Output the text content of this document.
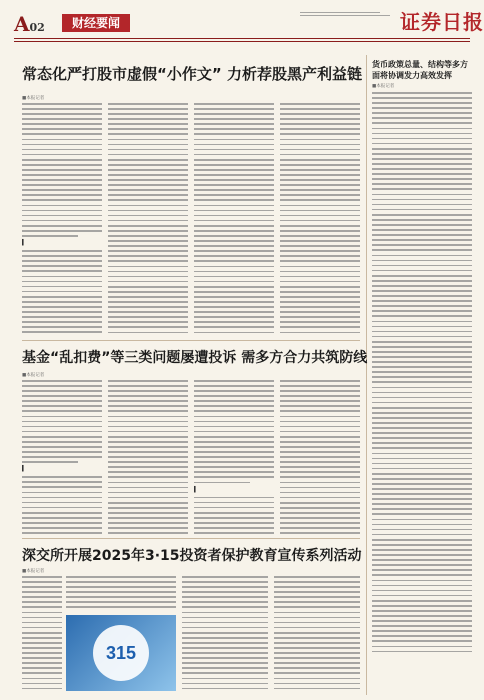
A02	财经要闻	证券日报
常态化严打股市虚假“小作文” 力析荐股黑产利益链
■本报记者
货币政策总量、结构等多方面将协调发力高效发挥
■本报记者
▍
基金“乱扣费”等三类问题屡遭投诉 需多方合力共筑防线
■本报记者
▍
▍
深交所开展2025年3·15投资者保护教育宣传系列活动
■本报记者
315
